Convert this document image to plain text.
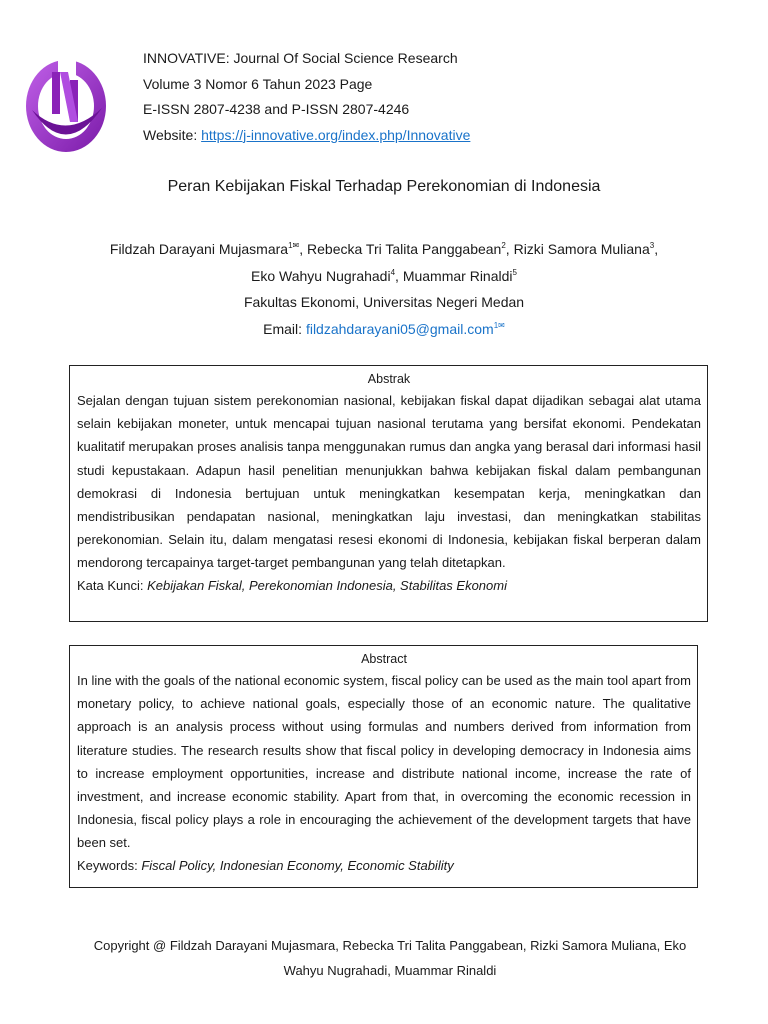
INNOVATIVE: Journal Of Social Science Research
Volume 3 Nomor 6 Tahun 2023 Page
E-ISSN 2807-4238 and P-ISSN 2807-4246
Website: https://j-innovative.org/index.php/Innovative
Peran Kebijakan Fiskal Terhadap Perekonomian di Indonesia
Fildzah Darayani Mujasmara$^{1✉}$, Rebecka Tri Talita Panggabean$^2$, Rizki Samora Muliana$^3$,
Eko Wahyu Nugrahadi$^4$, Muammar Rinaldi$^5$
Fakultas Ekonomi, Universitas Negeri Medan
Email: fildzahdarayani05@gmail.com$^{1✉}$
Abstrak
Sejalan dengan tujuan sistem perekonomian nasional, kebijakan fiskal dapat dijadikan sebagai alat utama selain kebijakan moneter, untuk mencapai tujuan nasional terutama yang bersifat ekonomi. Pendekatan kualitatif merupakan proses analisis tanpa menggunakan rumus dan angka yang berasal dari informasi hasil studi kepustakaan. Adapun hasil penelitian menunjukkan bahwa kebijakan fiskal dalam pembangunan demokrasi di Indonesia bertujuan untuk meningkatkan kesempatan kerja, meningkatkan dan mendistribusikan pendapatan nasional, meningkatkan laju investasi, dan meningkatkan stabilitas perekonomian. Selain itu, dalam mengatasi resesi ekonomi di Indonesia, kebijakan fiskal berperan dalam mendorong tercapainya target-target pembangunan yang telah ditetapkan.
Kata Kunci: Kebijakan Fiskal, Perekonomian Indonesia, Stabilitas Ekonomi
Abstract
In line with the goals of the national economic system, fiscal policy can be used as the main tool apart from monetary policy, to achieve national goals, especially those of an economic nature. The qualitative approach is an analysis process without using formulas and numbers derived from information from literature studies. The research results show that fiscal policy in developing democracy in Indonesia aims to increase employment opportunities, increase and distribute national income, increase the rate of investment, and increase economic stability. Apart from that, in overcoming the economic recession in Indonesia, fiscal policy plays a role in encouraging the achievement of the development targets that have been set.
Keywords: Fiscal Policy, Indonesian Economy, Economic Stability
Copyright @ Fildzah Darayani Mujasmara, Rebecka Tri Talita Panggabean, Rizki Samora Muliana, Eko
Wahyu Nugrahadi, Muammar Rinaldi
